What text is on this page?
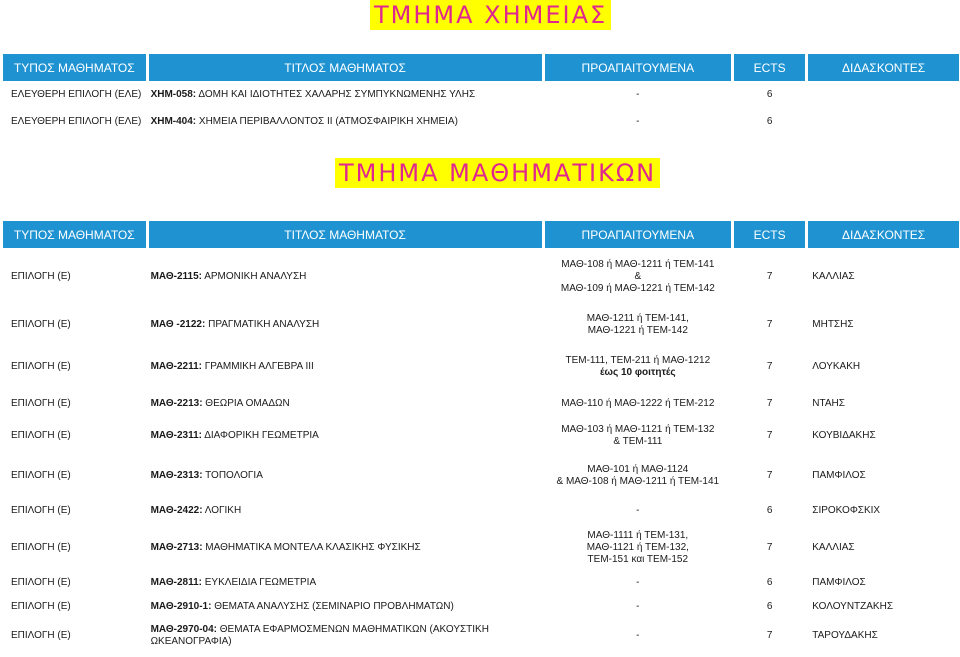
ΤΜΗΜΑ ΧΗΜΕΙΑΣ
ΤΥΠΟΣ ΜΑΘΗΜΑΤΟΣ	ΤΙΤΛΟΣ ΜΑΘΗΜΑΤΟΣ	ΠΡΟΑΠΑΙΤΟΥΜΕΝΑ	ECTS	ΔΙΔΑΣΚΟΝΤΕΣ
ΕΛΕΥΘΕΡΗ ΕΠΙΛΟΓΗ (ΕΛΕ)	ΧΗΜ-058: ΔΟΜΗ ΚΑΙ ΙΔΙΟΤΗΤΕΣ ΧΑΛΑΡΗΣ ΣΥΜΠΥΚΝΩΜΕΝΗΣ ΥΛΗΣ	-	6	
ΕΛΕΥΘΕΡΗ ΕΠΙΛΟΓΗ (ΕΛΕ)	ΧΗΜ-404: ΧΗΜΕΙΑ ΠΕΡΙΒΑΛΛΟΝΤΟΣ ΙΙ (ΑΤΜΟΣΦΑΙΡΙΚΗ ΧΗΜΕΙΑ)	-	6	
ΤΜΗΜΑ ΜΑΘΗΜΑΤΙΚΩΝ
ΤΥΠΟΣ ΜΑΘΗΜΑΤΟΣ	ΤΙΤΛΟΣ ΜΑΘΗΜΑΤΟΣ	ΠΡΟΑΠΑΙΤΟΥΜΕΝΑ	ECTS	ΔΙΔΑΣΚΟΝΤΕΣ
ΕΠΙΛΟΓΗ (Ε)	ΜΑΘ-2115: ΑΡΜΟΝΙΚΗ ΑΝΑΛΥΣΗ	ΜΑΘ-108 ή ΜΑΘ-1211 ή ΤΕΜ-141
&
ΜΑΘ-109 ή ΜΑΘ-1221 ή ΤΕΜ-142	7	ΚΑΛΛΙΑΣ
ΕΠΙΛΟΓΗ (Ε)	ΜΑΘ -2122: ΠΡΑΓΜΑΤΙΚΗ ΑΝΑΛΥΣΗ	ΜΑΘ-1211 ή ΤΕΜ-141,
ΜΑΘ-1221 ή ΤΕΜ-142	7	ΜΗΤΣΗΣ
ΕΠΙΛΟΓΗ (Ε)	ΜΑΘ-2211: ΓΡΑΜΜΙΚΗ ΑΛΓΕΒΡΑ ΙΙΙ	ΤΕΜ-111, ΤΕΜ-211 ή ΜΑΘ-1212
έως 10 φοιτητές	7	ΛΟΥΚΑΚΗ
ΕΠΙΛΟΓΗ (Ε)	ΜΑΘ-2213: ΘΕΩΡΙΑ ΟΜΑΔΩΝ	ΜΑΘ-110 ή ΜΑΘ-1222 ή ΤΕΜ-212	7	ΝΤΑΗΣ
ΕΠΙΛΟΓΗ (Ε)	ΜΑΘ-2311: ΔΙΑΦΟΡΙΚΗ ΓΕΩΜΕΤΡΙΑ	ΜΑΘ-103 ή ΜΑΘ-1121 ή ΤΕΜ-132
& ΤΕΜ-111	7	ΚΟΥΒΙΔΑΚΗΣ
ΕΠΙΛΟΓΗ (Ε)	ΜΑΘ-2313: ΤΟΠΟΛΟΓΙΑ	ΜΑΘ-101 ή ΜΑΘ-1124
& ΜΑΘ-108 ή ΜΑΘ-1211 ή ΤΕΜ-141	7	ΠΑΜΦΙΛΟΣ
ΕΠΙΛΟΓΗ (Ε)	ΜΑΘ-2422: ΛΟΓΙΚΗ	-	6	ΣΙΡΟΚΟΦΣΚΙΧ
ΕΠΙΛΟΓΗ (Ε)	ΜΑΘ-2713: ΜΑΘΗΜΑΤΙΚΑ ΜΟΝΤΕΛΑ ΚΛΑΣΙΚΗΣ ΦΥΣΙΚΗΣ	ΜΑΘ-1111 ή ΤΕΜ-131,
ΜΑΘ-1121 ή ΤΕΜ-132,
ΤΕΜ-151 και ΤΕΜ-152	7	ΚΑΛΛΙΑΣ
ΕΠΙΛΟΓΗ (Ε)	ΜΑΘ-2811: ΕΥΚΛΕΙΔΙΑ ΓΕΩΜΕΤΡΙΑ	-	6	ΠΑΜΦΙΛΟΣ
ΕΠΙΛΟΓΗ (Ε)	ΜΑΘ-2910-1: ΘΕΜΑΤΑ ΑΝΑΛΥΣΗΣ (ΣΕΜΙΝΑΡΙΟ ΠΡΟΒΛΗΜΑΤΩΝ)	-	6	ΚΟΛΟΥΝΤΖΑΚΗΣ
ΕΠΙΛΟΓΗ (Ε)	ΜΑΘ-2970-04: ΘΕΜΑΤΑ ΕΦΑΡΜΟΣΜΕΝΩΝ ΜΑΘΗΜΑΤΙΚΩΝ (ΑΚΟΥΣΤΙΚΗ ΩΚΕΑΝΟΓΡΑΦΙΑ)	-	7	ΤΑΡΟΥΔΑΚΗΣ
